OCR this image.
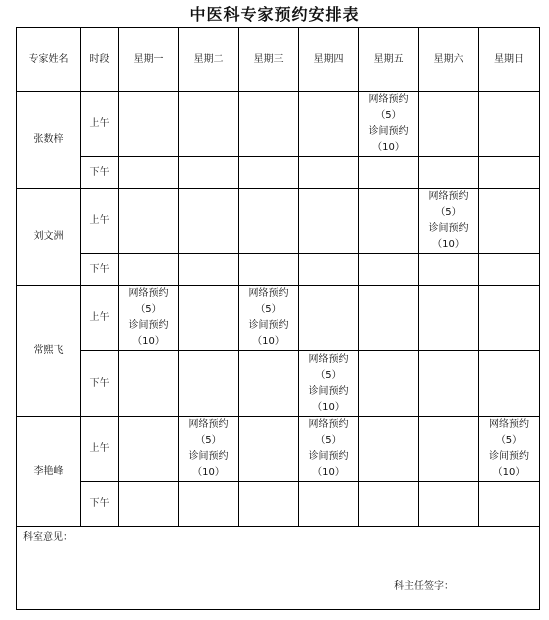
中医科专家预约安排表
专家姓名	时段	星期一	星期二	星期三	星期四	星期五	星期六	星期日
张数梓	上午					网络预约
（5）
诊间预约
（10）		

	下午							
刘文洲	上午						网络预约
（5）
诊间预约
（10）	

	下午							
常熙飞	上午	网络预约
（5）
诊间预约
（10）		网络预约
（5）
诊间预约
（10）				

	下午				网络预约
（5）
诊间预约
（10）			

李艳峰	上午		网络预约
（5）
诊间预约
（10）		网络预约
（5）
诊间预约
（10）			网络预约
（5）
诊间预约
（10）

	下午							

科室意见：
科主任签字：								
